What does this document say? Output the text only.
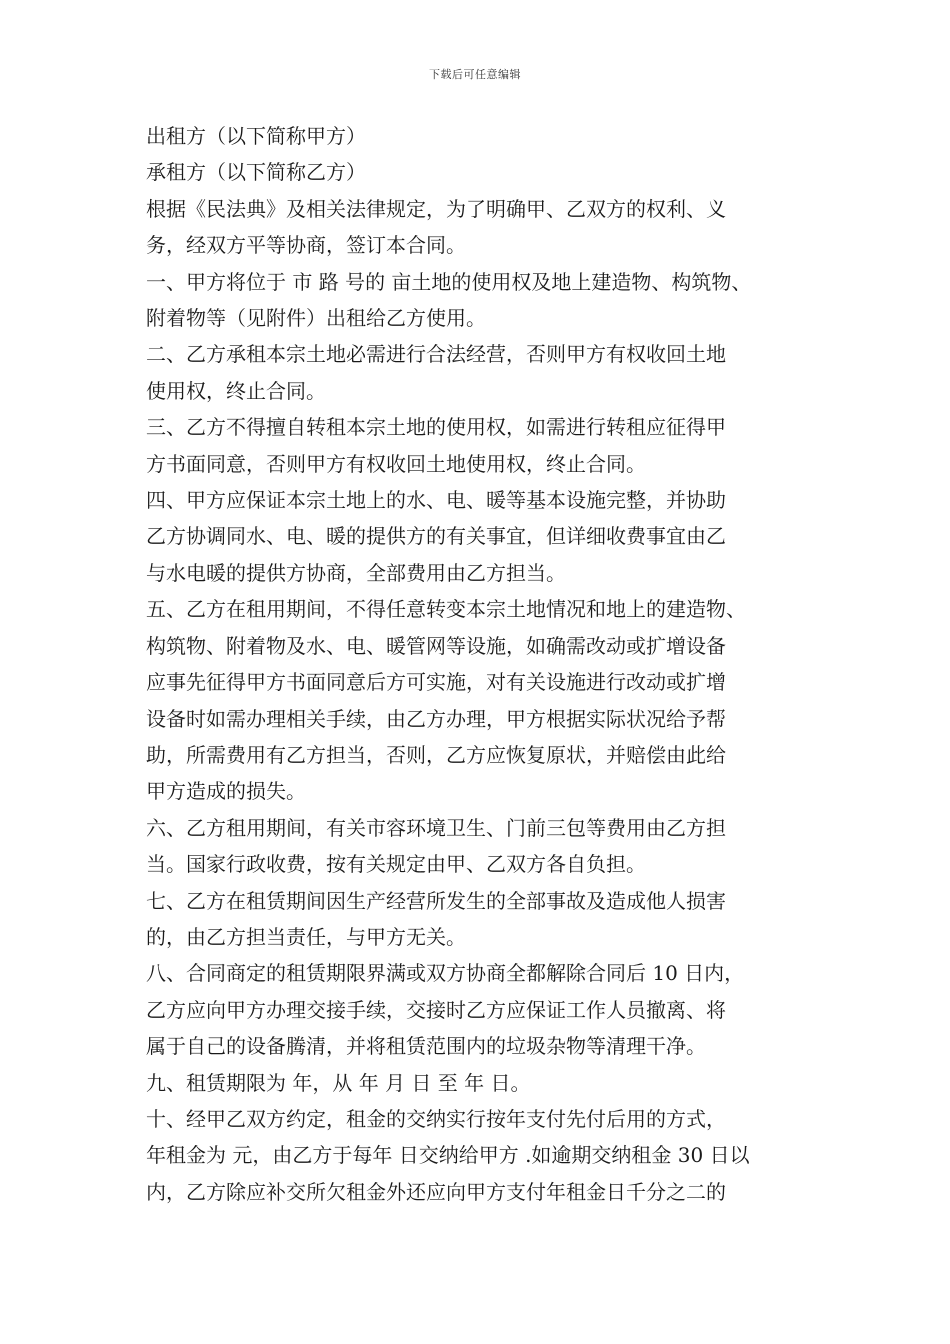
下载后可任意编辑

出租方（以下简称甲方）

承租方（以下简称乙方）

根据《民法典》及相关法律规定，为了明确甲、乙双方的权利、义

务，经双方平等协商，签订本合同。

一、甲方将位于 市 路 号的 亩土地的使用权及地上建造物、构筑物、

附着物等（见附件）出租给乙方使用。

二、乙方承租本宗土地必需进行合法经营，否则甲方有权收回土地

使用权，终止合同。

三、乙方不得擅自转租本宗土地的使用权，如需进行转租应征得甲

方书面同意，否则甲方有权收回土地使用权，终止合同。

四、甲方应保证本宗土地上的水、电、暖等基本设施完整，并协助

乙方协调同水、电、暖的提供方的有关事宜，但详细收费事宜由乙

与水电暖的提供方协商，全部费用由乙方担当。

五、乙方在租用期间，不得任意转变本宗土地情况和地上的建造物、

构筑物、附着物及水、电、暖管网等设施，如确需改动或扩增设备

应事先征得甲方书面同意后方可实施，对有关设施进行改动或扩增

设备时如需办理相关手续，由乙方办理，甲方根据实际状况给予帮

助，所需费用有乙方担当，否则，乙方应恢复原状，并赔偿由此给

甲方造成的损失。

六、乙方租用期间，有关市容环境卫生、门前三包等费用由乙方担

当。国家行政收费，按有关规定由甲、乙双方各自负担。

七、乙方在租赁期间因生产经营所发生的全部事故及造成他人损害

的，由乙方担当责任，与甲方无关。

八、合同商定的租赁期限界满或双方协商全都解除合同后 10 日内，

乙方应向甲方办理交接手续，交接时乙方应保证工作人员撤离、将

属于自己的设备腾清，并将租赁范围内的垃圾杂物等清理干净。

九、租赁期限为 年，从 年 月 日 至 年 日。

十、经甲乙双方约定，租金的交纳实行按年支付先付后用的方式，

年租金为 元，由乙方于每年 日交纳给甲方 .如逾期交纳租金 30 日以

内，乙方除应补交所欠租金外还应向甲方支付年租金日千分之二的
